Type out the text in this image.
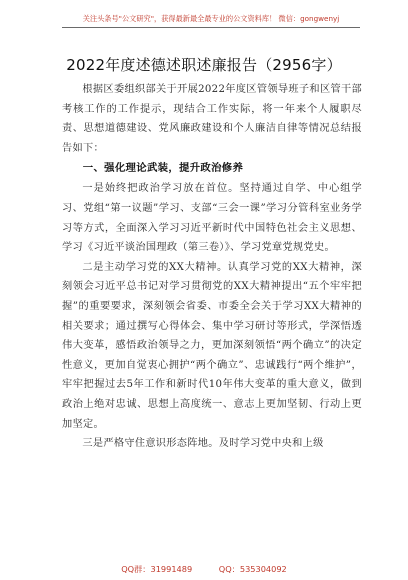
关注头条号"公文研究"，获得最新最全最专业的公文资料库！ 微信：gongwenyj
2022年度述德述职述廉报告（2956字）

根据区委组织部关于开展2022年度区管领导班子和区管干部考核工作的工作提示，现结合工作实际，将一年来个人履职尽责、思想道德建设、党风廉政建设和个人廉洁自律等情况总结报告如下：

一、强化理论武装，提升政治修养

一是始终把政治学习放在首位。坚持通过自学、中心组学习、党组“第一议题”学习、支部“三会一课”学习分管科室业务学习等方式，全面深入学习习近平新时代中国特色社会主义思想、学习《习近平谈治国理政（第三卷）》、学习党章党规党史。

二是主动学习党的XX大精神。认真学习党的XX大精神，深刻领会习近平总书记对学习贯彻党的XX大精神提出“五个牢牢把握”的重要要求，深刻领会省委、市委全会关于学习XX大精神的相关要求；通过撰写心得体会、集中学习研讨等形式，学深悟透伟大变革，感悟政治领导之力，更加深刻领悟“两个确立”的决定性意义，更加自觉衷心拥护“两个确立”、忠诚践行“两个维护”，牢牢把握过去5年工作和新时代10年伟大变革的重大意义，做到政治上绝对忠诚、思想上高度统一、意志上更加坚韧、行动上更加坚定。

三是严格守住意识形态阵地。及时学习党中央和上级

QQ群：31991489	QQ：535304092
